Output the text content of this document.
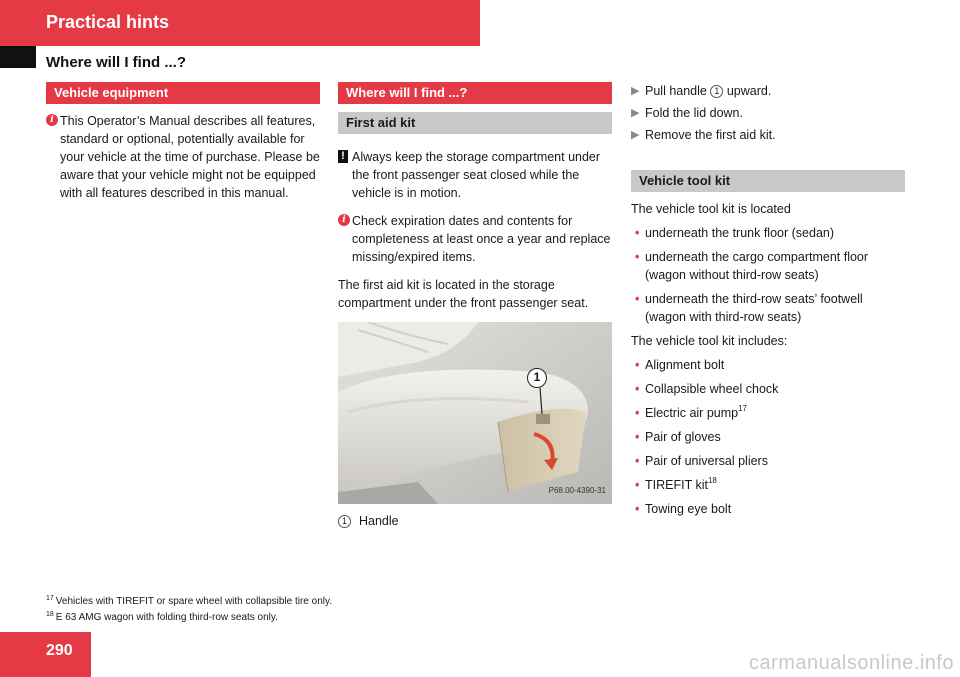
Practical hints
Where will I find ...?
Vehicle equipment
i This Operator’s Manual describes all features, standard or optional, potentially available for your vehicle at the time of purchase. Please be aware that your vehicle might not be equipped with all features described in this manual.
Where will I find ...?
First aid kit
! Always keep the storage compartment under the front passenger seat closed while the vehicle is in motion.
i Check expiration dates and contents for completeness at least once a year and replace missing/expired items.

The first aid kit is located in the storage compartment under the front passenger seat.

1
P68.00-4390-31
1 Handle
▶ Pull handle 1 upward.
▶ Fold the lid down.
▶ Remove the first aid kit.
Vehicle tool kit

The vehicle tool kit is located

• underneath the trunk floor (sedan)
• underneath the cargo compartment floor (wagon without third-row seats)
• underneath the third-row seats’ footwell (wagon with third-row seats)

The vehicle tool kit includes:

• Alignment bolt
• Collapsible wheel chock
• Electric air pump$^{17}$
• Pair of gloves
• Pair of universal pliers
• TIREFIT kit$^{18}$
• Towing eye bolt
$^{17}$ Vehicles with TIREFIT or spare wheel with collapsible tire only.
$^{18}$ E 63 AMG wagon with folding third-row seats only.
290
carmanualsonline.info
